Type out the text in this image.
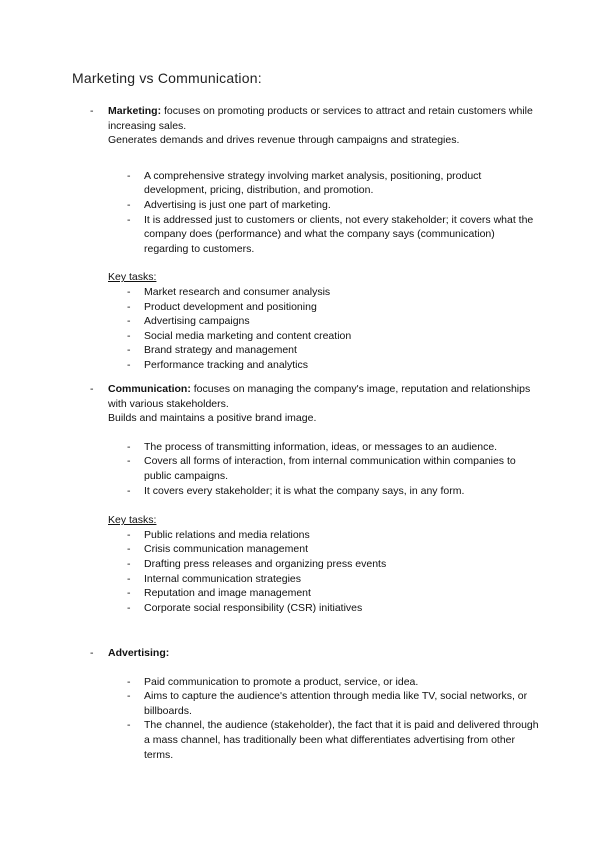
Marketing vs Communication:
- Marketing: focuses on promoting products or services to attract and retain customers while increasing sales.
Generates demands and drives revenue through campaigns and strategies.
- A comprehensive strategy involving market analysis, positioning, product development, pricing, distribution, and promotion.
- Advertising is just one part of marketing.
- It is addressed just to customers or clients, not every stakeholder; it covers what the company does (performance) and what the company says (communication) regarding to customers.
Key tasks:
- Market research and consumer analysis
- Product development and positioning
- Advertising campaigns
- Social media marketing and content creation
- Brand strategy and management
- Performance tracking and analytics
- Communication: focuses on managing the company's image, reputation and relationships with various stakeholders.
Builds and maintains a positive brand image.
- The process of transmitting information, ideas, or messages to an audience.
- Covers all forms of interaction, from internal communication within companies to public campaigns.
- It covers every stakeholder; it is what the company says, in any form.
Key tasks:
- Public relations and media relations
- Crisis communication management
- Drafting press releases and organizing press events
- Internal communication strategies
- Reputation and image management
- Corporate social responsibility (CSR) initiatives
- Advertising:
- Paid communication to promote a product, service, or idea.
- Aims to capture the audience's attention through media like TV, social networks, or billboards.
- The channel, the audience (stakeholder), the fact that it is paid and delivered through a mass channel, has traditionally been what differentiates advertising from other terms.
